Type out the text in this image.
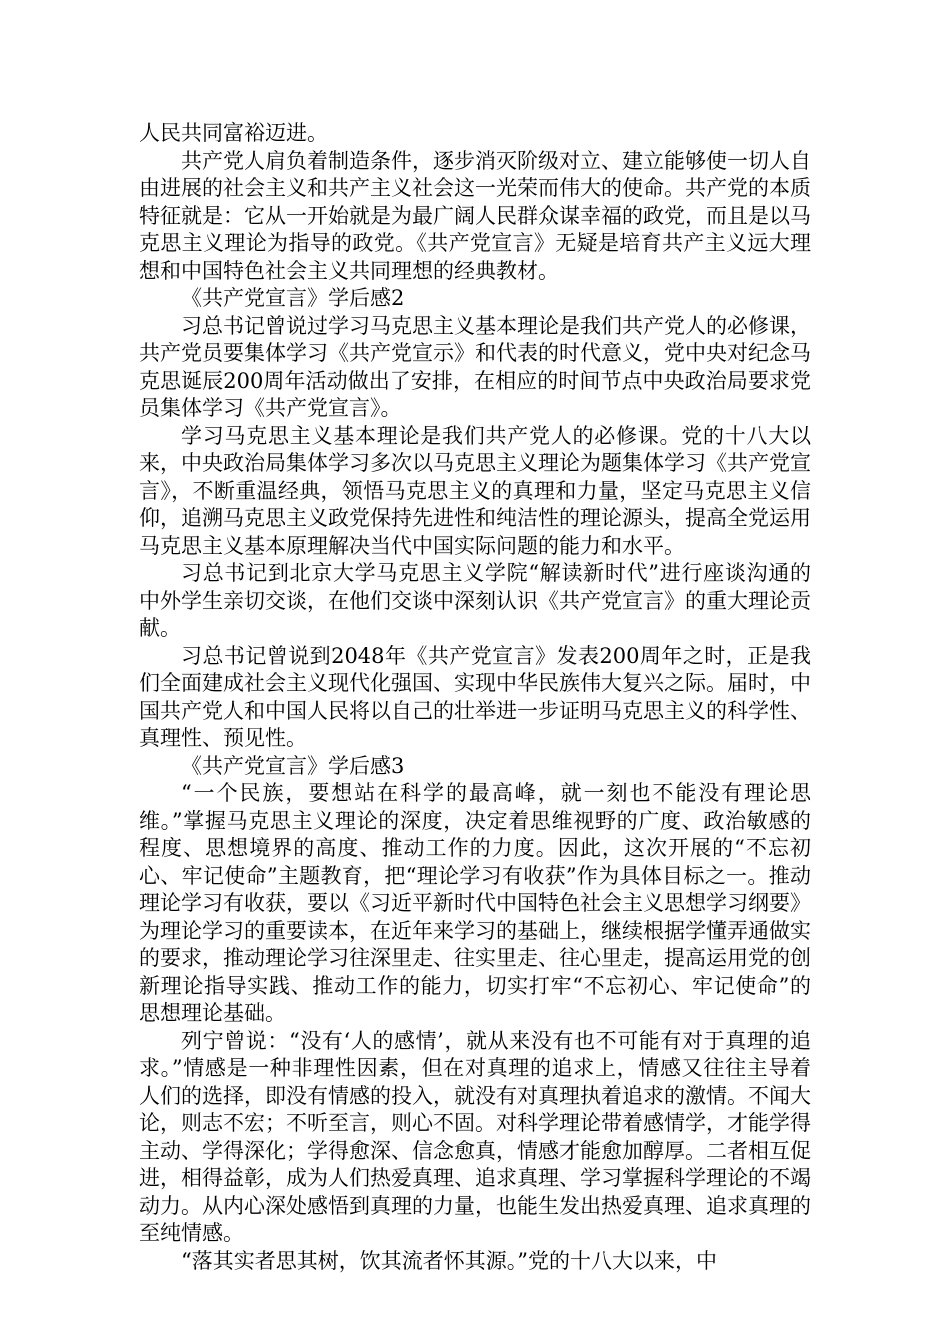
人民共同富裕迈进。

共产党人肩负着制造条件，逐步消灭阶级对立、建立能够使一切人自由进展的社会主义和共产主义社会这一光荣而伟大的使命。共产党的本质特征就是：它从一开始就是为最广阔人民群众谋幸福的政党，而且是以马克思主义理论为指导的政党。《共产党宣言》无疑是培育共产主义远大理想和中国特色社会主义共同理想的经典教材。

《共产党宣言》学后感2

习总书记曾说过学习马克思主义基本理论是我们共产党人的必修课，共产党员要集体学习《共产党宣示》和代表的时代意义，党中央对纪念马克思诞辰200周年活动做出了安排，在相应的时间节点中央政治局要求党员集体学习《共产党宣言》。

学习马克思主义基本理论是我们共产党人的必修课。党的十八大以来，中央政治局集体学习多次以马克思主义理论为题集体学习《共产党宣言》，不断重温经典，领悟马克思主义的真理和力量，坚定马克思主义信仰，追溯马克思主义政党保持先进性和纯洁性的理论源头，提高全党运用马克思主义基本原理解决当代中国实际问题的能力和水平。

习总书记到北京大学马克思主义学院“解读新时代”进行座谈沟通的中外学生亲切交谈，在他们交谈中深刻认识《共产党宣言》的重大理论贡献。

习总书记曾说到2048年《共产党宣言》发表200周年之时，正是我们全面建成社会主义现代化强国、实现中华民族伟大复兴之际。届时，中国共产党人和中国人民将以自己的壮举进一步证明马克思主义的科学性、真理性、预见性。

《共产党宣言》学后感3

“一个民族，要想站在科学的最高峰，就一刻也不能没有理论思维。”掌握马克思主义理论的深度，决定着思维视野的广度、政治敏感的程度、思想境界的高度、推动工作的力度。因此，这次开展的“不忘初心、牢记使命”主题教育，把“理论学习有收获”作为具体目标之一。推动理论学习有收获，要以《习近平新时代中国特色社会主义思想学习纲要》为理论学习的重要读本，在近年来学习的基础上，继续根据学懂弄通做实的要求，推动理论学习往深里走、往实里走、往心里走，提高运用党的创新理论指导实践、推动工作的能力，切实打牢“不忘初心、牢记使命”的思想理论基础。

列宁曾说：“没有‘人的感情’，就从来没有也不可能有对于真理的追求。”情感是一种非理性因素，但在对真理的追求上，情感又往往主导着人们的选择，即没有情感的投入，就没有对真理执着追求的激情。不闻大论，则志不宏；不听至言，则心不固。对科学理论带着感情学，才能学得主动、学得深化；学得愈深、信念愈真，情感才能愈加醇厚。二者相互促进，相得益彰，成为人们热爱真理、追求真理、学习掌握科学理论的不竭动力。从内心深处感悟到真理的力量，也能生发出热爱真理、追求真理的至纯情感。

“落其实者思其树，饮其流者怀其源。”党的十八大以来，中
